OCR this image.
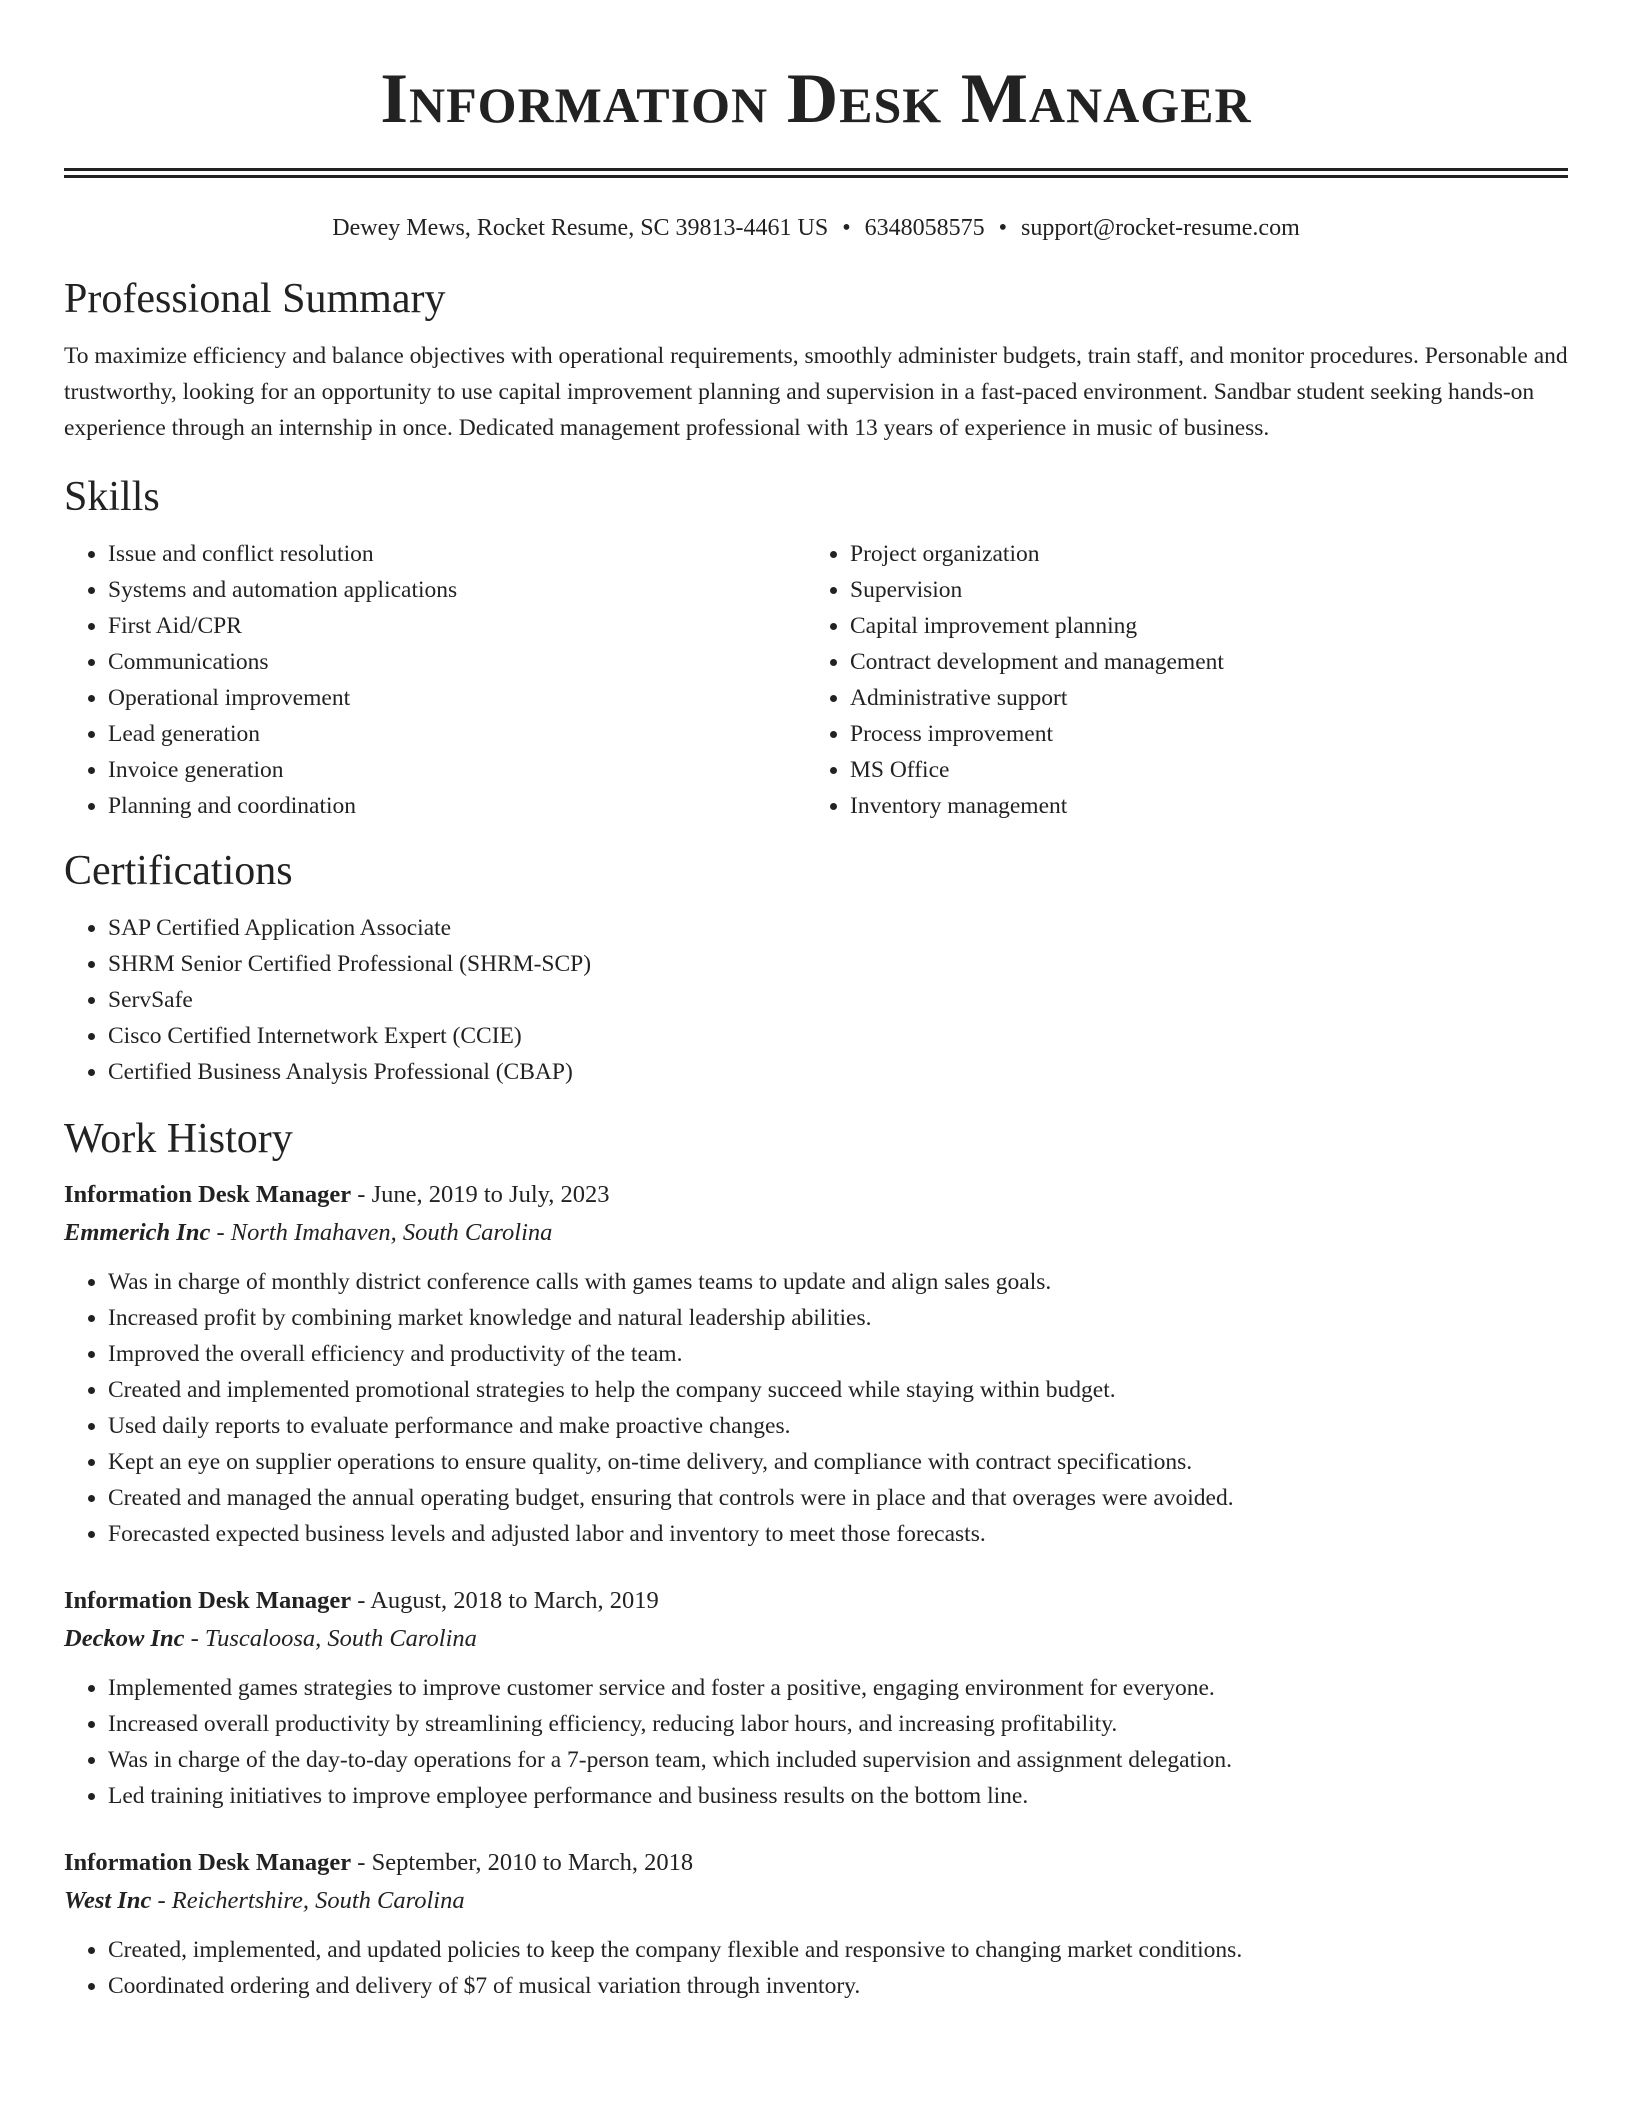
Information Desk Manager
Dewey Mews, Rocket Resume, SC 39813-4461 US • 6348058575 • support@rocket-resume.com
Professional Summary

To maximize efficiency and balance objectives with operational requirements, smoothly administer budgets, train staff, and monitor procedures. Personable and trustworthy, looking for an opportunity to use capital improvement planning and supervision in a fast-paced environment. Sandbar student seeking hands-on experience through an internship in once. Dedicated management professional with 13 years of experience in music of business.

Skills
• Issue and conflict resolution
• Systems and automation applications
• First Aid/CPR
• Communications
• Operational improvement
• Lead generation
• Invoice generation
• Planning and coordination
• Project organization
• Supervision
• Capital improvement planning
• Contract development and management
• Administrative support
• Process improvement
• MS Office
• Inventory management
Certifications
• SAP Certified Application Associate
• SHRM Senior Certified Professional (SHRM-SCP)
• ServSafe
• Cisco Certified Internetwork Expert (CCIE)
• Certified Business Analysis Professional (CBAP)
Work History

Information Desk Manager - June, 2019 to July, 2023

Emmerich Inc - North Imahaven, South Carolina

• Was in charge of monthly district conference calls with games teams to update and align sales goals.
• Increased profit by combining market knowledge and natural leadership abilities.
• Improved the overall efficiency and productivity of the team.
• Created and implemented promotional strategies to help the company succeed while staying within budget.
• Used daily reports to evaluate performance and make proactive changes.
• Kept an eye on supplier operations to ensure quality, on-time delivery, and compliance with contract specifications.
• Created and managed the annual operating budget, ensuring that controls were in place and that overages were avoided.
• Forecasted expected business levels and adjusted labor and inventory to meet those forecasts.

Information Desk Manager - August, 2018 to March, 2019

Deckow Inc - Tuscaloosa, South Carolina

• Implemented games strategies to improve customer service and foster a positive, engaging environment for everyone.
• Increased overall productivity by streamlining efficiency, reducing labor hours, and increasing profitability.
• Was in charge of the day-to-day operations for a 7-person team, which included supervision and assignment delegation.
• Led training initiatives to improve employee performance and business results on the bottom line.

Information Desk Manager - September, 2010 to March, 2018

West Inc - Reichertshire, South Carolina

• Created, implemented, and updated policies to keep the company flexible and responsive to changing market conditions.
• Coordinated ordering and delivery of $7 of musical variation through inventory.
